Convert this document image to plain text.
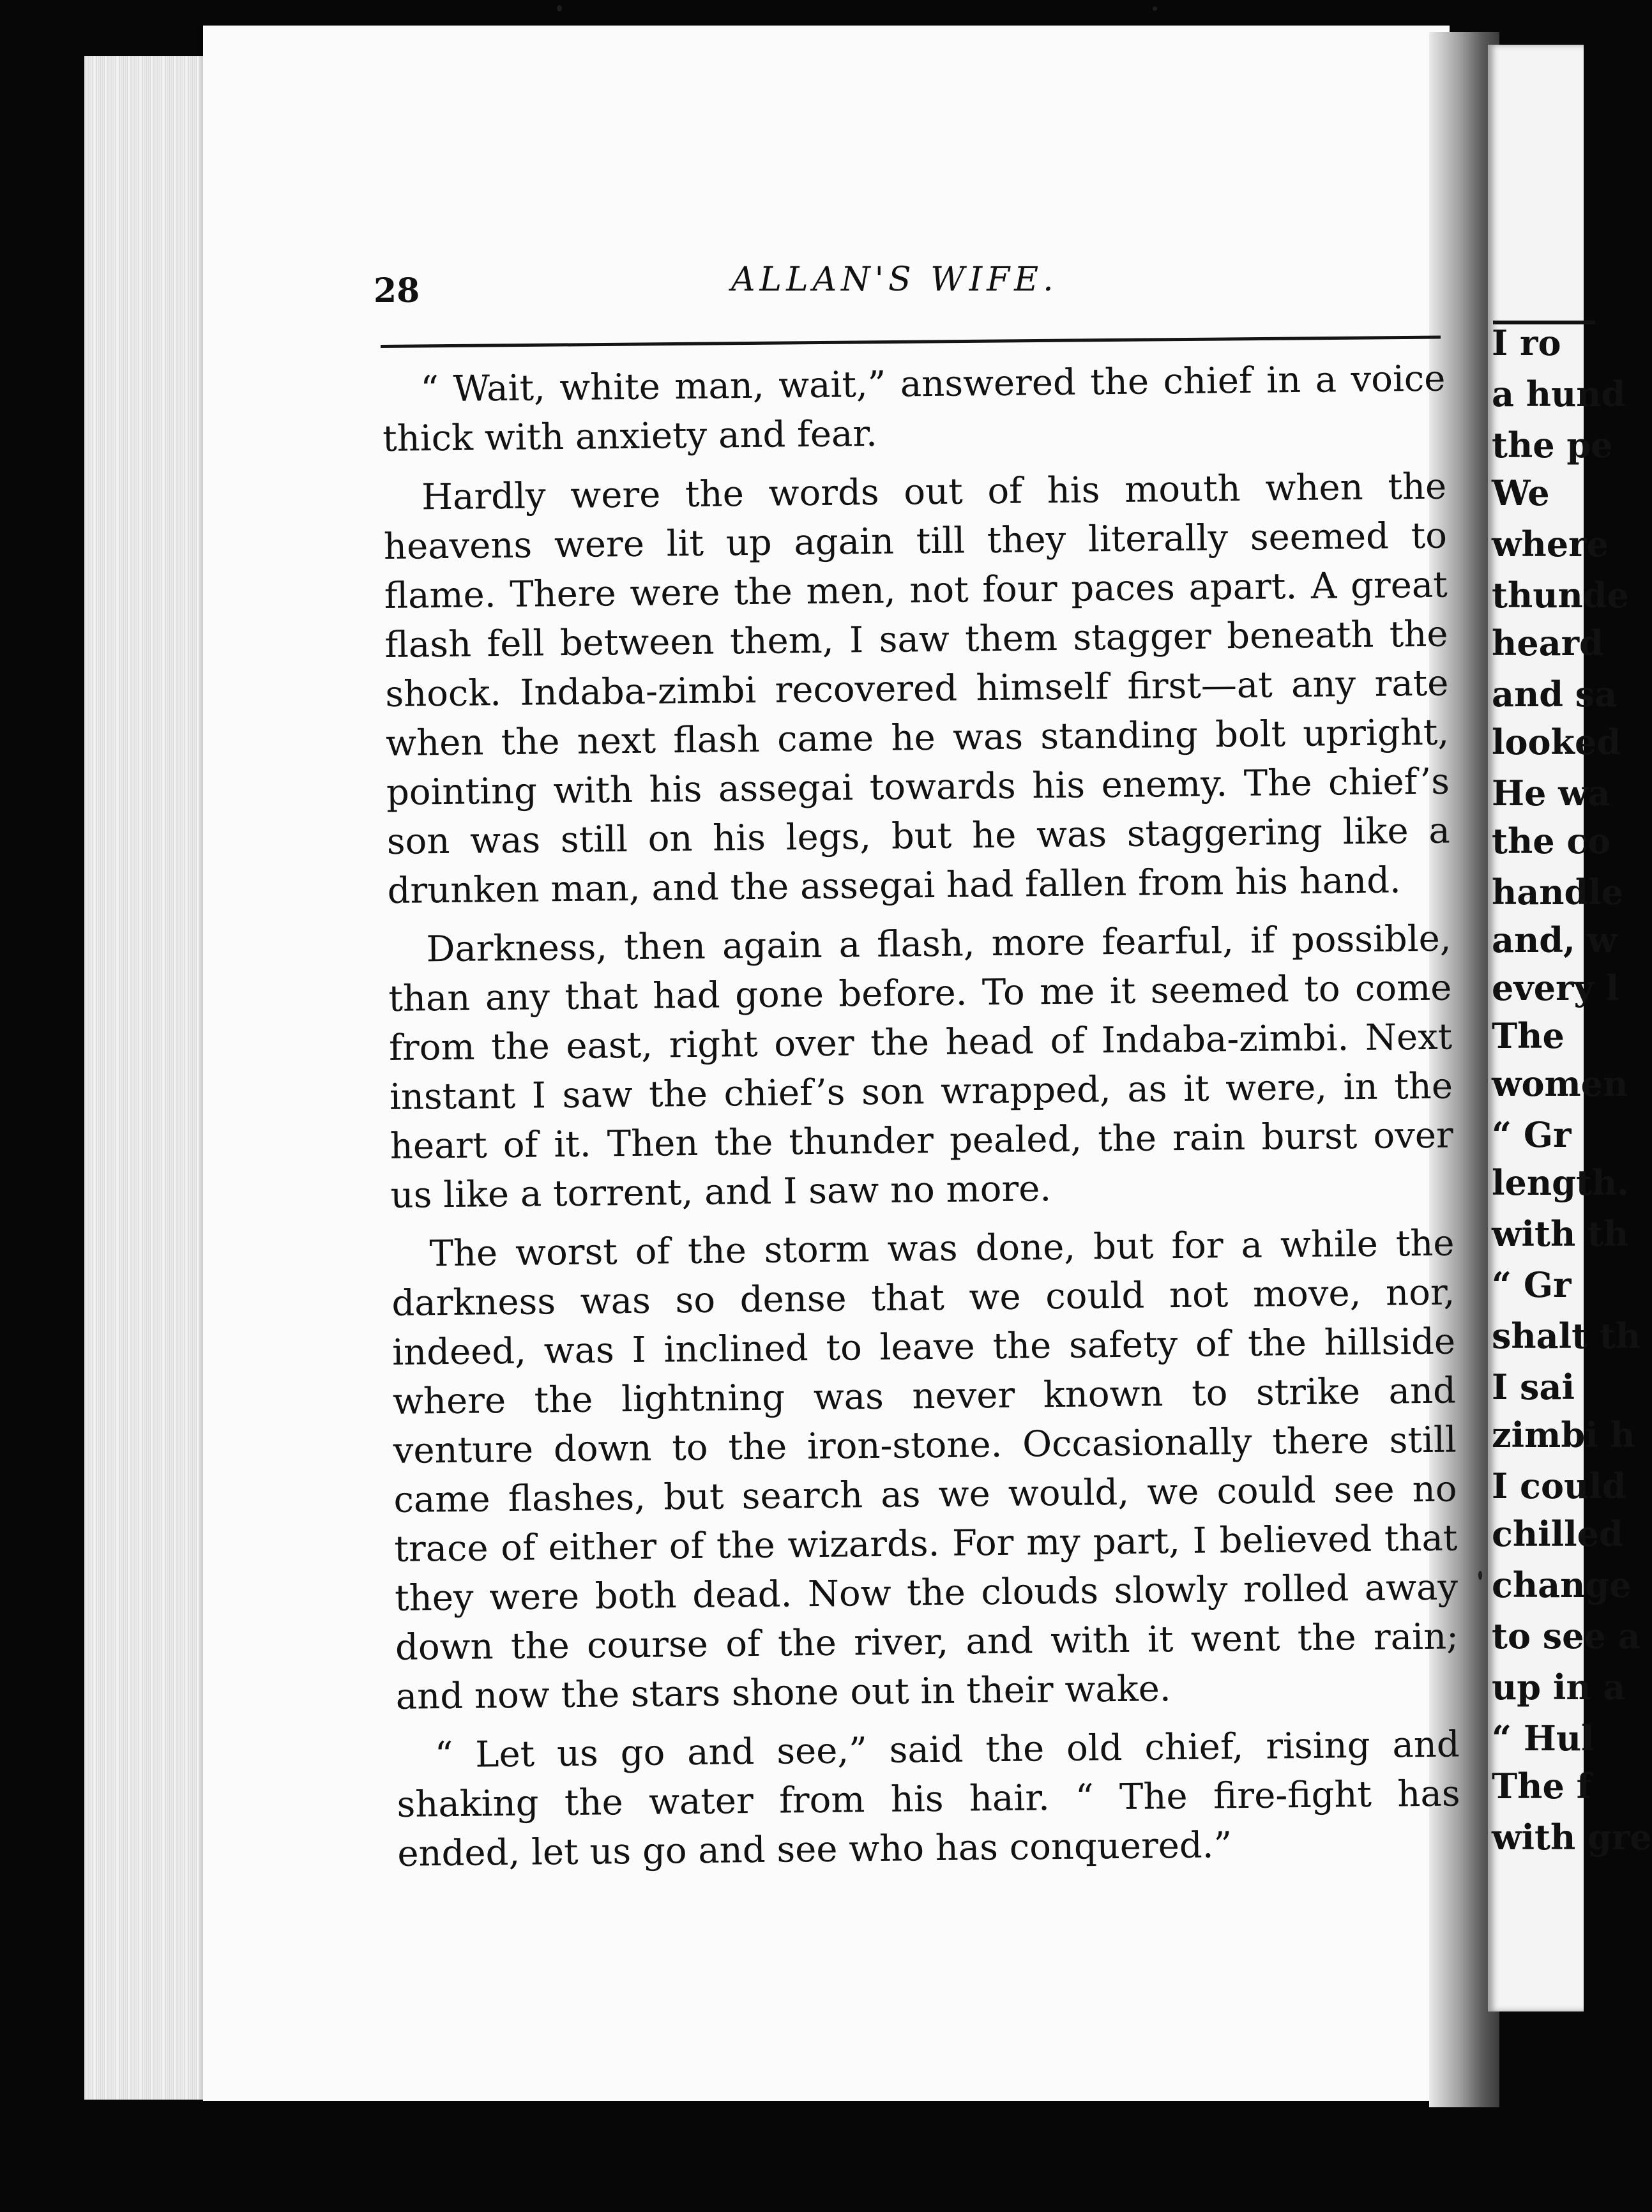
I ro
a hund
the pe
We
where
thunde
heard
and sa
looked
He wa
the co
handle
and, w
every l
The
women
“ Gr
length.
with th
“ Gr
shalt th
I sai
zimbi h
I could
chilled
change
to see a
up in a
“ Hul
The f
with gre
28	ALLAN'S WIFE.

“ Wait, white man, wait,” answered the chief in a voice thick with anxiety and fear.

Hardly were the words out of his mouth when the heavens were lit up again till they literally seemed to flame. There were the men, not four paces apart. A great flash fell between them, I saw them stagger beneath the shock. Indaba-zimbi recovered himself first—at any rate when the next flash came he was standing bolt upright, pointing with his assegai towards his enemy. The chief’s son was still on his legs, but he was staggering like a drunken man, and the assegai had fallen from his hand.

Darkness, then again a flash, more fearful, if possible, than any that had gone before. To me it seemed to come from the east, right over the head of Indaba-zimbi. Next instant I saw the chief’s son wrapped, as it were, in the heart of it. Then the thunder pealed, the rain burst over us like a torrent, and I saw no more.

The worst of the storm was done, but for a while the darkness was so dense that we could not move, nor, indeed, was I inclined to leave the safety of the hillside where the lightning was never known to strike and venture down to the iron-stone. Occasionally there still came flashes, but search as we would, we could see no trace of either of the wizards. For my part, I believed that they were both dead. Now the clouds slowly rolled away down the course of the river, and with it went the rain; and now the stars shone out in their wake.

“ Let us go and see,” said the old chief, rising and shaking the water from his hair. “ The fire-fight has ended, let us go and see who has conquered.”
